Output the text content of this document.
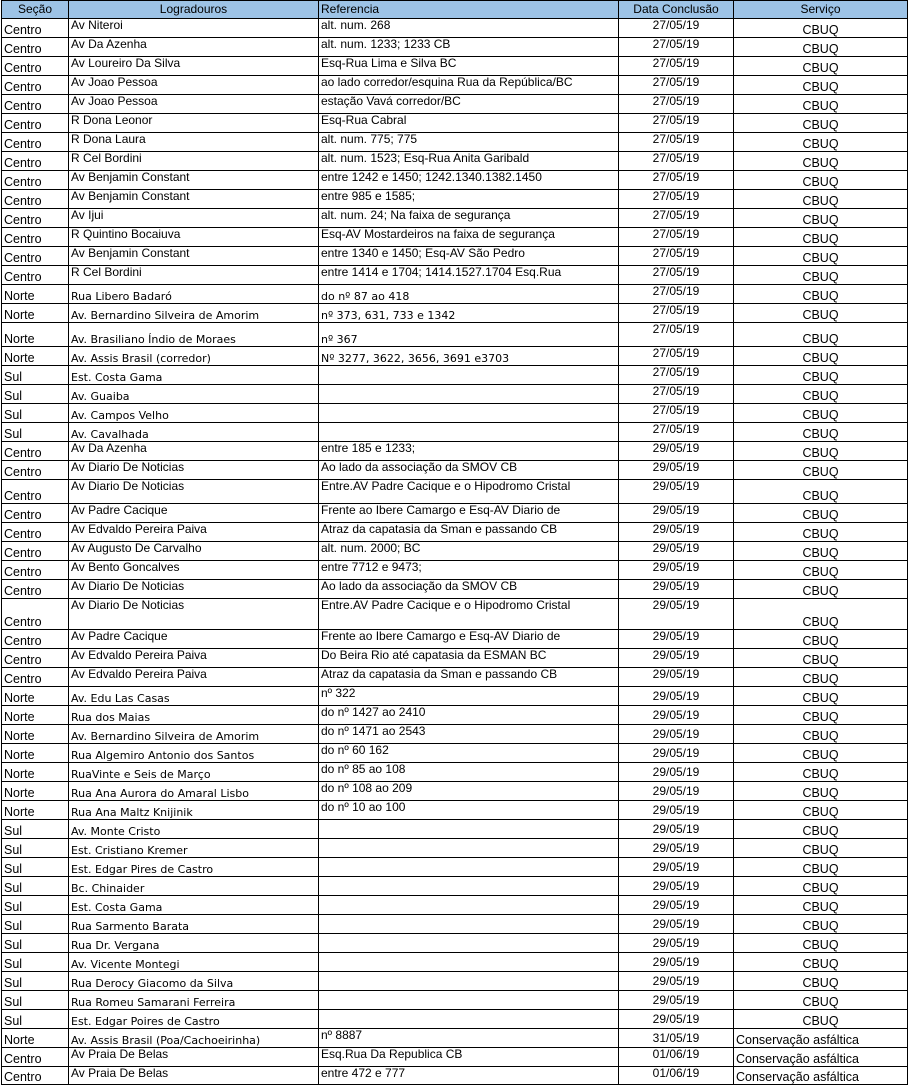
Seção	Logradouros	Referencia	Data Conclusão	Serviço
Centro	Av Niteroi	alt. num. 268	27/05/19	CBUQ
Centro	Av Da Azenha	alt. num. 1233; 1233 CB	27/05/19	CBUQ
Centro	Av Loureiro Da Silva	Esq-Rua Lima e Silva BC	27/05/19	CBUQ
Centro	Av Joao Pessoa	ao lado corredor/esquina Rua da República/BC	27/05/19	CBUQ
Centro	Av Joao Pessoa	estação Vavá corredor/BC	27/05/19	CBUQ
Centro	R Dona Leonor	Esq-Rua Cabral	27/05/19	CBUQ
Centro	R Dona Laura	alt. num. 775; 775	27/05/19	CBUQ
Centro	R Cel Bordini	alt. num. 1523; Esq-Rua Anita Garibald	27/05/19	CBUQ
Centro	Av Benjamin Constant	entre 1242 e 1450; 1242.1340.1382.1450	27/05/19	CBUQ
Centro	Av Benjamin Constant	entre 985 e 1585;	27/05/19	CBUQ
Centro	Av Ijui	alt. num. 24; Na faixa de segurança	27/05/19	CBUQ
Centro	R Quintino Bocaiuva	Esq-AV Mostardeiros na faixa de segurança	27/05/19	CBUQ
Centro	Av Benjamin Constant	entre 1340 e 1450; Esq-AV São Pedro	27/05/19	CBUQ
Centro	R Cel Bordini	entre 1414 e 1704; 1414.1527.1704 Esq.Rua	27/05/19	CBUQ
Norte	Rua Libero Badaró	do nº 87 ao 418	27/05/19	CBUQ
Norte	Av. Bernardino Silveira de Amorim	nº 373, 631, 733 e 1342	27/05/19	CBUQ
Norte	Av. Brasiliano Índio de Moraes	nº 367	27/05/19	CBUQ
Norte	Av. Assis Brasil (corredor)	Nº 3277, 3622, 3656, 3691 e3703	27/05/19	CBUQ
Sul	Est. Costa Gama		27/05/19	CBUQ
Sul	Av. Guaiba		27/05/19	CBUQ
Sul	Av. Campos Velho		27/05/19	CBUQ
Sul	Av. Cavalhada		27/05/19	CBUQ
Centro	Av Da Azenha	entre 185 e 1233;	29/05/19	CBUQ
Centro	Av Diario De Noticias	Ao lado da associação da SMOV CB	29/05/19	CBUQ
Centro	Av Diario De Noticias	Entre.AV Padre Cacique e o Hipodromo Cristal	29/05/19	CBUQ
Centro	Av Padre Cacique	Frente ao Ibere Camargo e Esq-AV Diario de	29/05/19	CBUQ
Centro	Av Edvaldo Pereira Paiva	Atraz da capatasia da Sman e passando CB	29/05/19	CBUQ
Centro	Av Augusto De Carvalho	alt. num. 2000; BC	29/05/19	CBUQ
Centro	Av Bento Goncalves	entre 7712 e 9473;	29/05/19	CBUQ
Centro	Av Diario De Noticias	Ao lado da associação da SMOV CB	29/05/19	CBUQ
Centro	Av Diario De Noticias	Entre.AV Padre Cacique e o Hipodromo Cristal	29/05/19	CBUQ
Centro	Av Padre Cacique	Frente ao Ibere Camargo e Esq-AV Diario de	29/05/19	CBUQ
Centro	Av Edvaldo Pereira Paiva	Do Beira Rio até capatasia da ESMAN BC	29/05/19	CBUQ
Centro	Av Edvaldo Pereira Paiva	Atraz da capatasia da Sman e passando CB	29/05/19	CBUQ
Norte	Av. Edu Las Casas	nº 322	29/05/19	CBUQ
Norte	Rua dos Maias	do nº 1427 ao 2410	29/05/19	CBUQ
Norte	Av. Bernardino Silveira de Amorim	do nº 1471 ao 2543	29/05/19	CBUQ
Norte	Rua Algemiro Antonio dos Santos	do nº 60 162	29/05/19	CBUQ
Norte	RuaVinte e Seis de Março	do nº 85 ao 108	29/05/19	CBUQ
Norte	Rua Ana Aurora do Amaral Lisbo	do nº 108 ao 209	29/05/19	CBUQ
Norte	Rua Ana Maltz Knijinik	do nº 10 ao 100	29/05/19	CBUQ
Sul	Av. Monte Cristo		29/05/19	CBUQ
Sul	Est. Cristiano Kremer		29/05/19	CBUQ
Sul	Est. Edgar Pires de Castro		29/05/19	CBUQ
Sul	Bc. Chinaider		29/05/19	CBUQ
Sul	Est. Costa Gama		29/05/19	CBUQ
Sul	Rua Sarmento Barata		29/05/19	CBUQ
Sul	Rua Dr. Vergana		29/05/19	CBUQ
Sul	Av. Vicente Montegi		29/05/19	CBUQ
Sul	Rua Derocy Giacomo da Silva		29/05/19	CBUQ
Sul	Rua Romeu Samarani Ferreira		29/05/19	CBUQ
Sul	Est. Edgar Poires de Castro		29/05/19	CBUQ
Norte	Av. Assis Brasil (Poa/Cachoeirinha)	nº 8887	31/05/19	Conservação asfáltica
Centro	Av Praia De Belas	Esq.Rua Da Republica CB	01/06/19	Conservação asfáltica
Centro	Av Praia De Belas	entre 472 e 777	01/06/19	Conservação asfáltica
